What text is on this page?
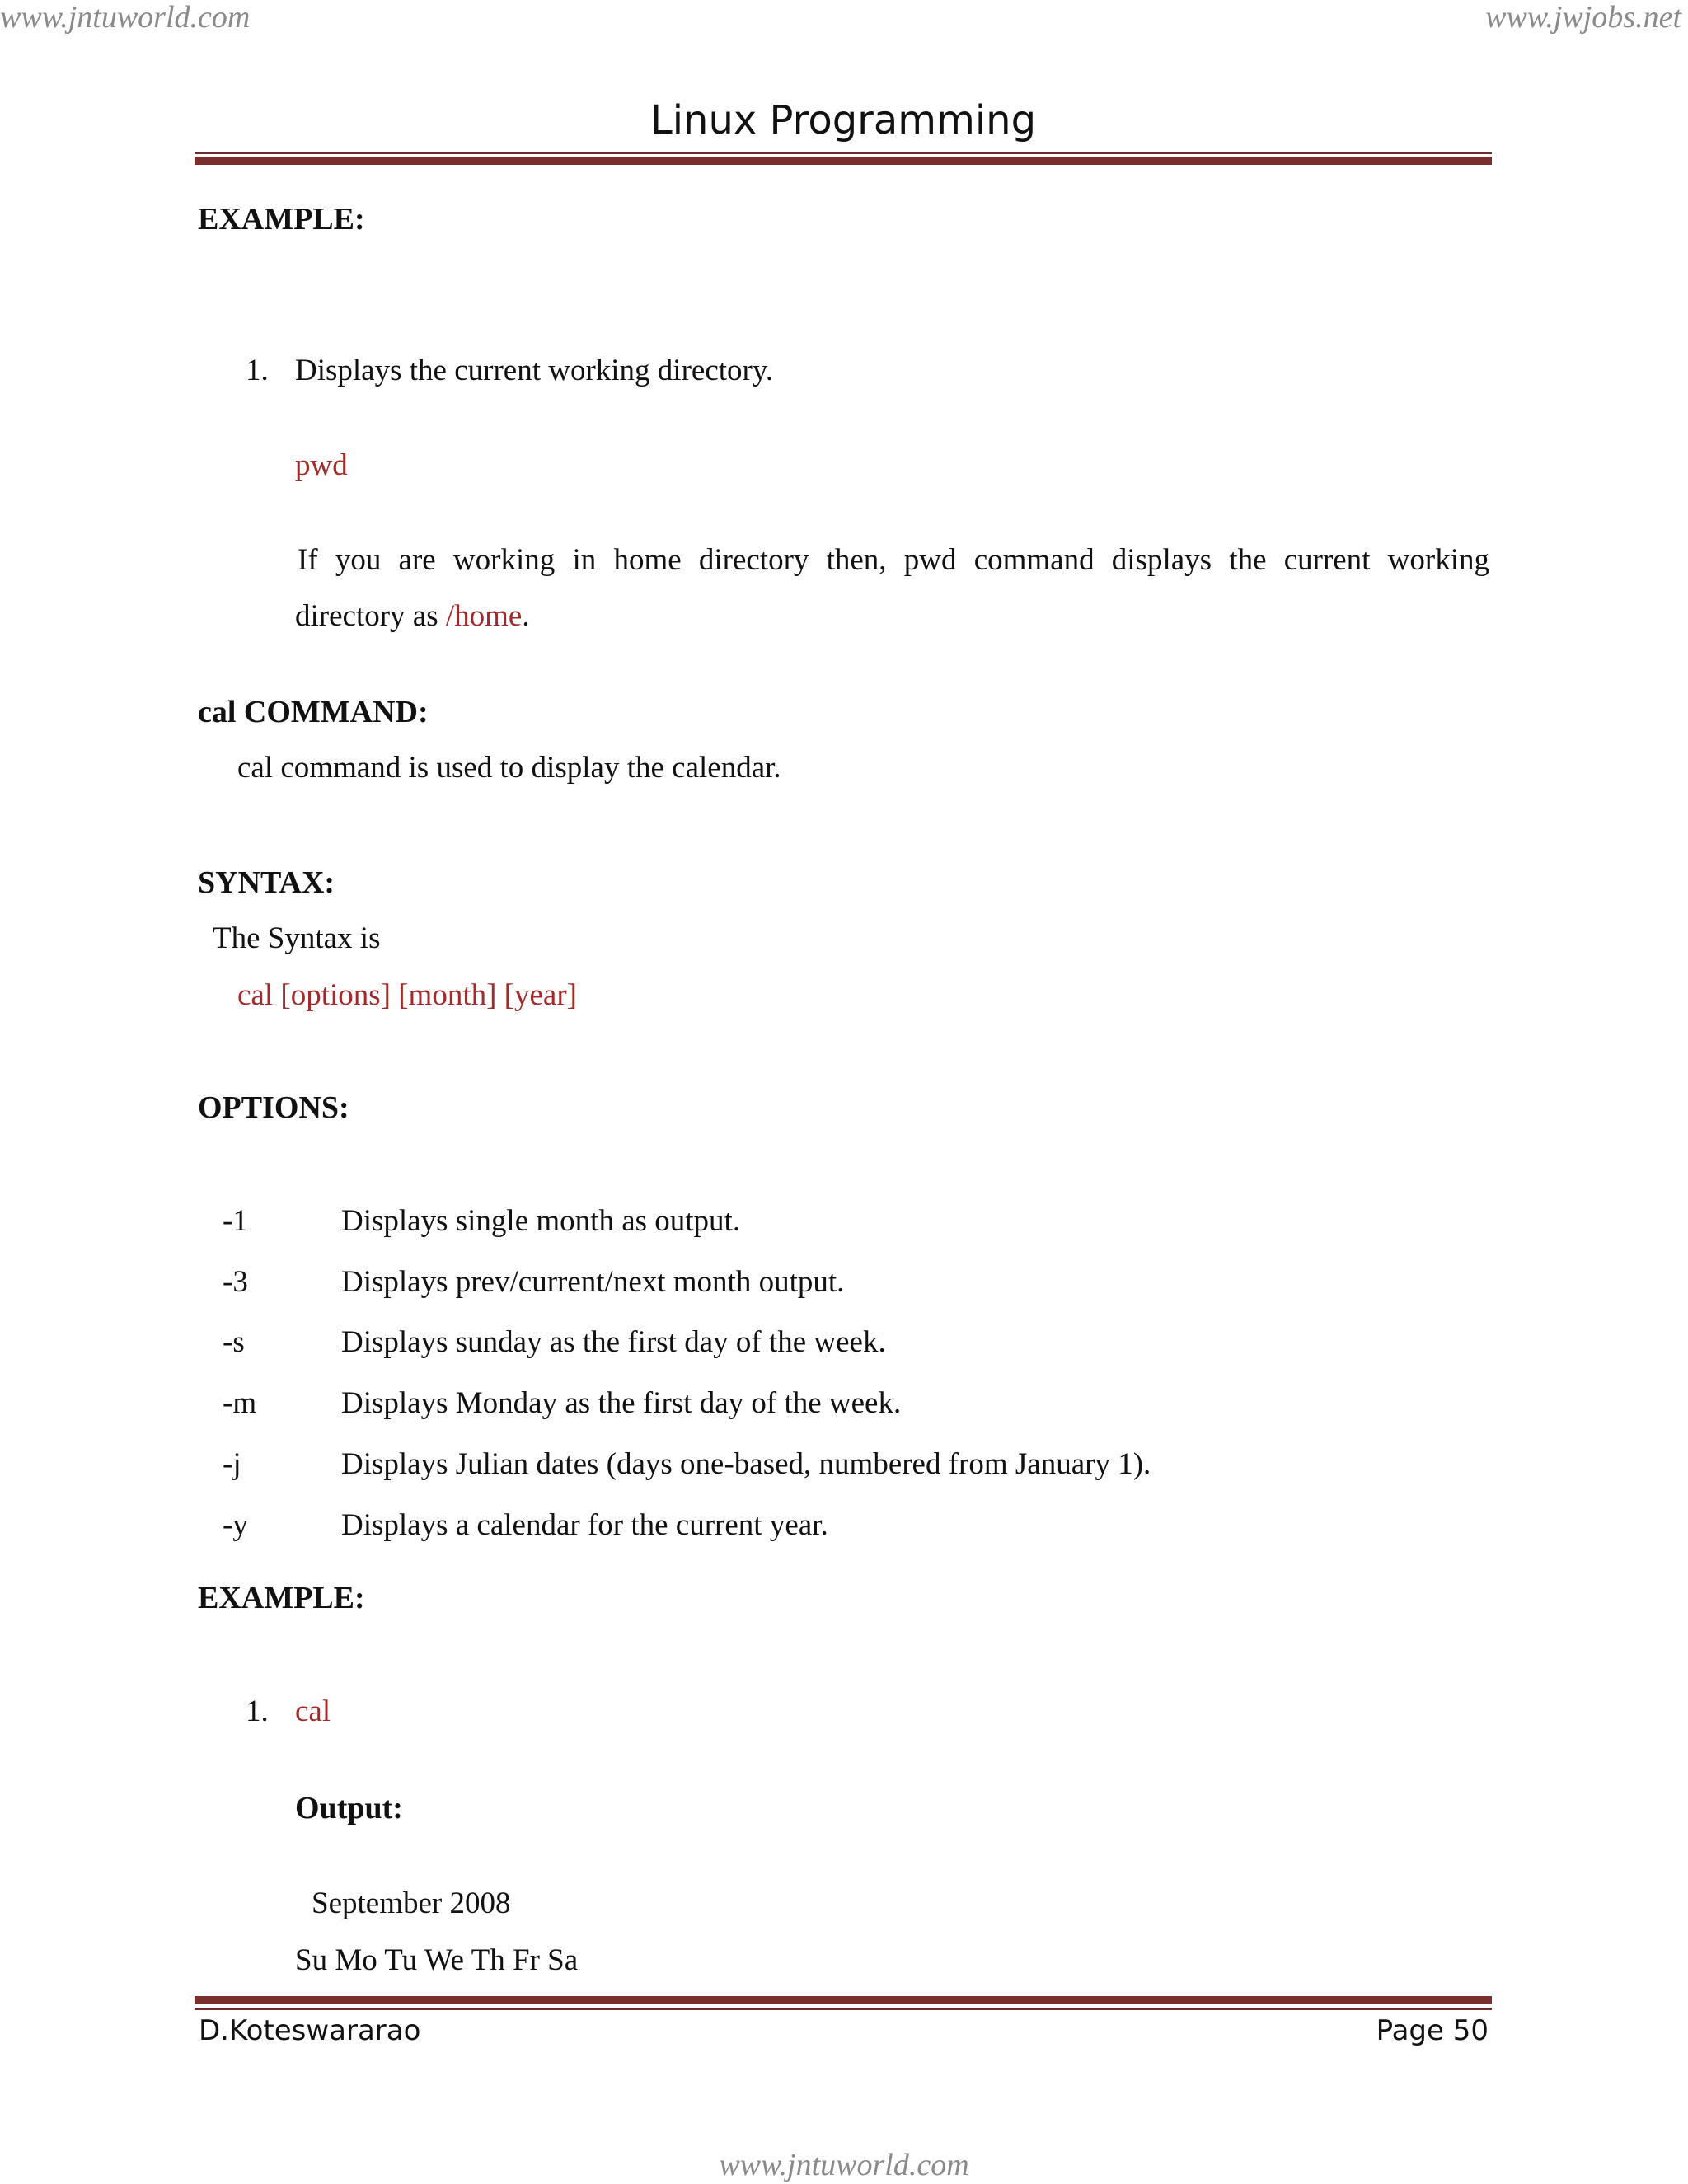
www.jntuworld.com	www.jwjobs.net
Linux Programming
EXAMPLE:
1. Displays the current working directory.
pwd
If you are working in home directory then, pwd command displays the current working
directory as /home.
cal COMMAND:
cal command is used to display the calendar.
SYNTAX:
The Syntax is
cal [options] [month] [year]
OPTIONS:
-1	Displays single month as output.
-3	Displays prev/current/next month output.
-s	Displays sunday as the first day of the week.
-m	Displays Monday as the first day of the week.
-j	Displays Julian dates (days one-based, numbered from January 1).
-y	Displays a calendar for the current year.
EXAMPLE:
1. cal
Output:
September 2008
Su Mo Tu We Th Fr Sa
D.Koteswararao	Page 50
www.jntuworld.com
